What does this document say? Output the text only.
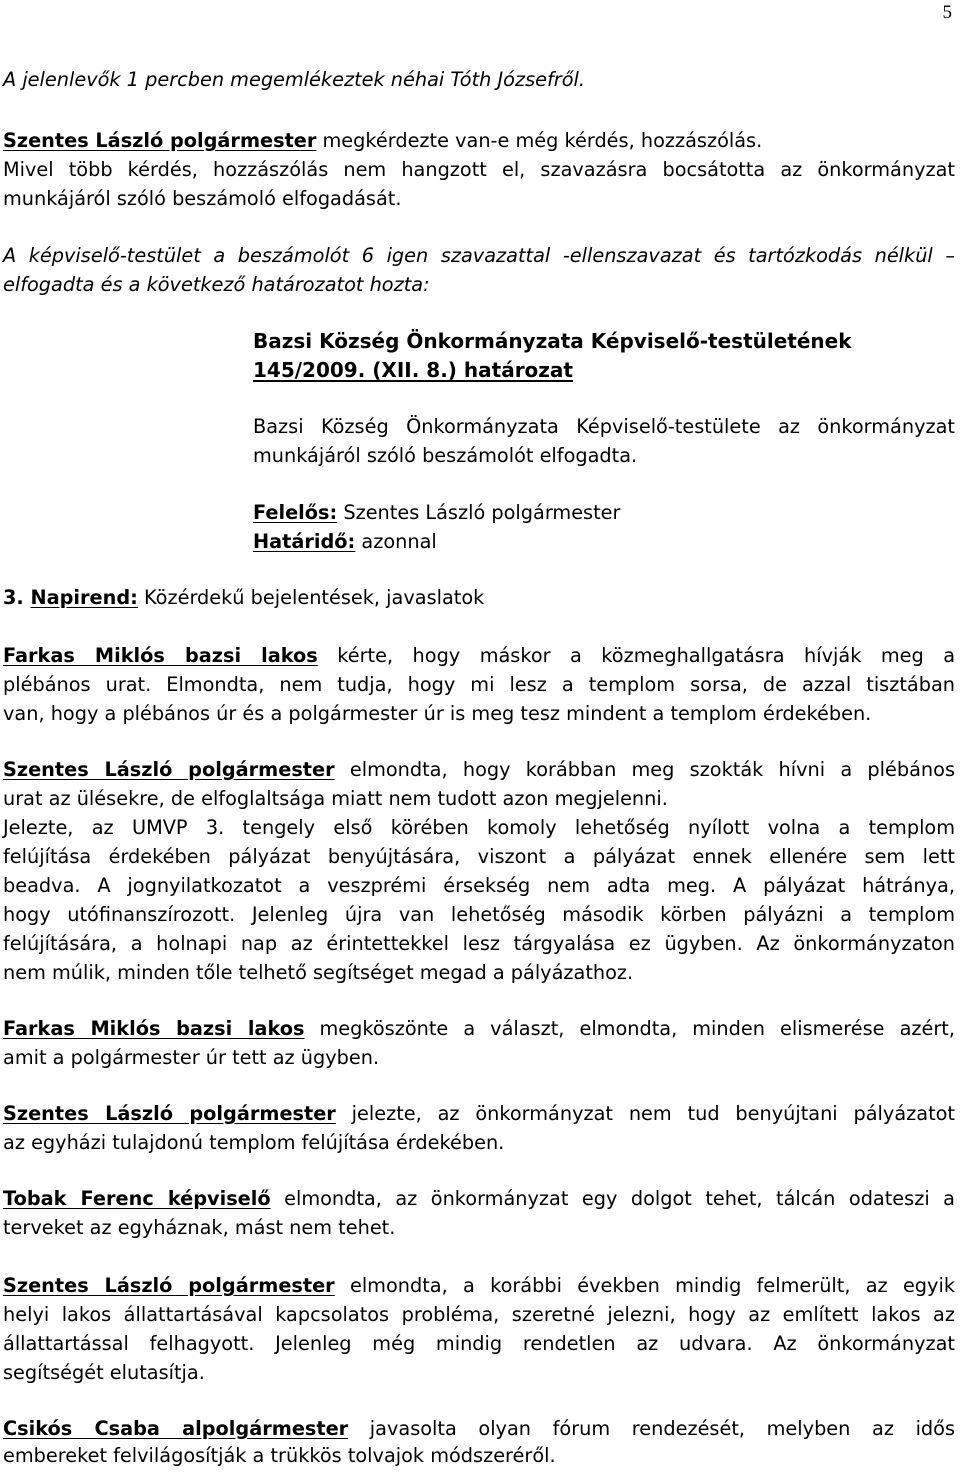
5

A jelenlevők 1 percben megemlékeztek néhai Tóth Józsefről.

Szentes László polgármester megkérdezte van-e még kérdés, hozzászólás.

Mivel több kérdés, hozzászólás nem hangzott el, szavazásra bocsátotta az önkormányzat

munkájáról szóló beszámoló elfogadását.

A képviselő-testület a beszámolót 6 igen szavazattal -ellenszavazat és tartózkodás nélkül –

elfogadta és a következő határozatot hozta:

Bazsi Község Önkormányzata Képviselő-testületének

145/2009. (XII. 8.) határozat

Bazsi Község Önkormányzata Képviselő-testülete az önkormányzat

munkájáról szóló beszámolót elfogadta.

Felelős: Szentes László polgármester

Határidő: azonnal

3. Napirend: Közérdekű bejelentések, javaslatok

Farkas Miklós bazsi lakos kérte, hogy máskor a közmeghallgatásra hívják meg a

plébános urat. Elmondta, nem tudja, hogy mi lesz a templom sorsa, de azzal tisztában

van, hogy a plébános úr és a polgármester úr is meg tesz mindent a templom érdekében.

Szentes László polgármester elmondta, hogy korábban meg szokták hívni a plébános

urat az ülésekre, de elfoglaltsága miatt nem tudott azon megjelenni.

Jelezte, az UMVP 3. tengely első körében komoly lehetőség nyílott volna a templom

felújítása érdekében pályázat benyújtására, viszont a pályázat ennek ellenére sem lett

beadva. A jognyilatkozatot a veszprémi érsekség nem adta meg. A pályázat hátránya,

hogy utófinanszírozott. Jelenleg újra van lehetőség második körben pályázni a templom

felújítására, a holnapi nap az érintettekkel lesz tárgyalása ez ügyben. Az önkormányzaton

nem múlik, minden tőle telhető segítséget megad a pályázathoz.

Farkas Miklós bazsi lakos megköszönte a választ, elmondta, minden elismerése azért,

amit a polgármester úr tett az ügyben.

Szentes László polgármester jelezte, az önkormányzat nem tud benyújtani pályázatot

az egyházi tulajdonú templom felújítása érdekében.

Tobak Ferenc képviselő elmondta, az önkormányzat egy dolgot tehet, tálcán odateszi a

terveket az egyháznak, mást nem tehet.

Szentes László polgármester elmondta, a korábbi években mindig felmerült, az egyik

helyi lakos állattartásával kapcsolatos probléma, szeretné jelezni, hogy az említett lakos az

állattartással felhagyott. Jelenleg még mindig rendetlen az udvara. Az önkormányzat

segítségét elutasítja.

Csikós Csaba alpolgármester javasolta olyan fórum rendezését, melyben az idős

embereket felvilágosítják a trükkös tolvajok módszeréről.
